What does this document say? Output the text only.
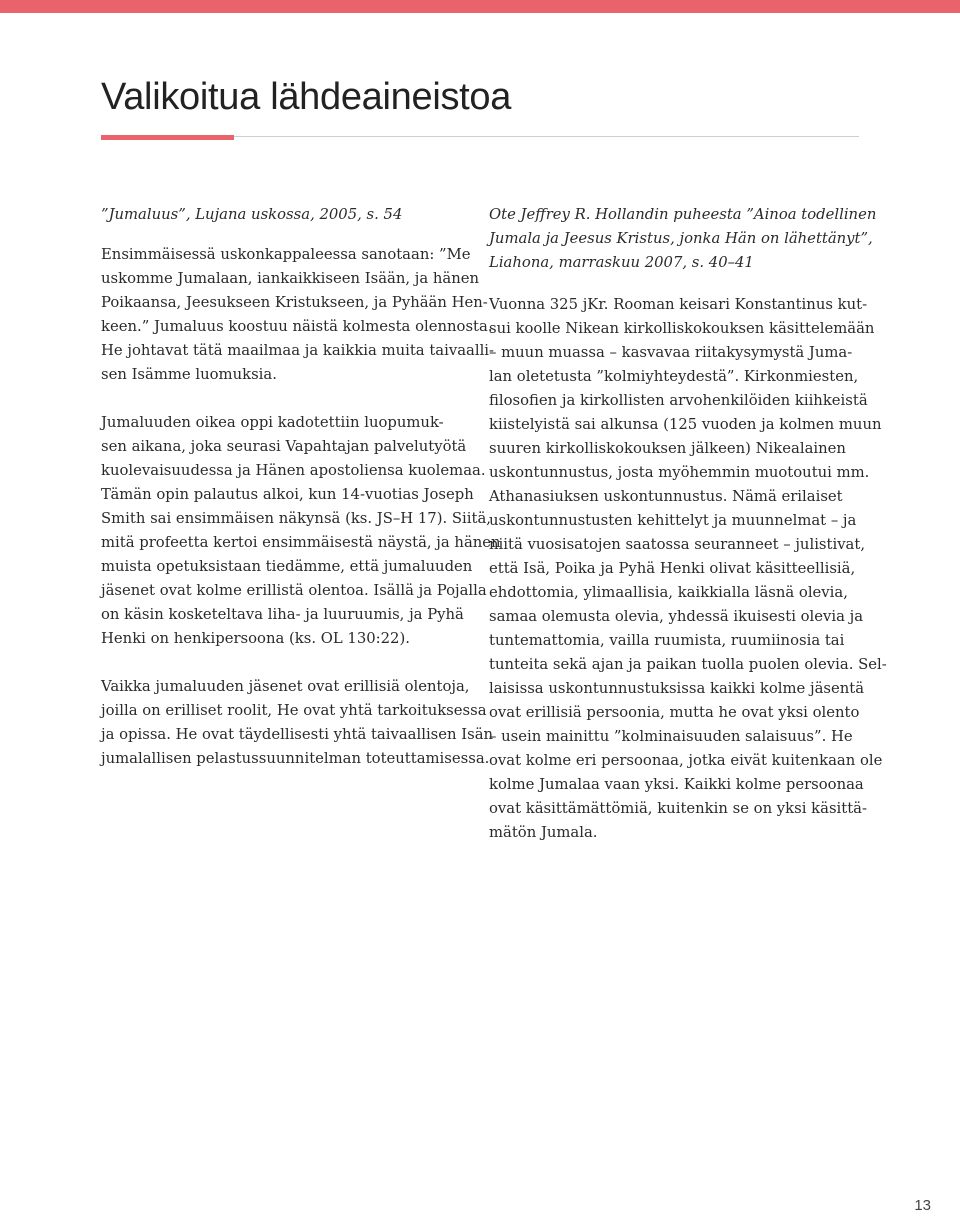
Valikoitua lähdeaineistoa

”Jumaluus”, Lujana uskossa, 2005, s. 54

Ensimmäisessä uskonkappaleessa sanotaan: ”Me
uskomme Jumalaan, iankaikkiseen Isään, ja hänen
Poikaansa, Jeesukseen Kristukseen, ja Pyhään Hen-
keen.” Jumaluus koostuu näistä kolmesta olennosta.
He johtavat tätä maailmaa ja kaikkia muita taivaalli-
sen Isämme luomuksia.

Jumaluuden oikea oppi kadotettiin luopumuk-
sen aikana, joka seurasi Vapahtajan palvelutyötä
kuolevaisuudessa ja Hänen apostoliensa kuolemaa.
Tämän opin palautus alkoi, kun 14-vuotias Joseph
Smith sai ensimmäisen näkynsä (ks. JS–H 17). Siitä,
mitä profeetta kertoi ensimmäisestä näystä, ja hänen
muista opetuksistaan tiedämme, että jumaluuden
jäsenet ovat kolme erillistä olentoa. Isällä ja Pojalla
on käsin kosketeltava liha- ja luuruumis, ja Pyhä
Henki on henkipersoona (ks. OL 130:22).

Vaikka jumaluuden jäsenet ovat erillisiä olentoja,
joilla on erilliset roolit, He ovat yhtä tarkoituksessa
ja opissa. He ovat täydellisesti yhtä taivaallisen Isän
jumalallisen pelastussuunnitelman toteuttamisessa.

Ote Jeffrey R. Hollandin puheesta ”Ainoa todellinen
Jumala ja Jeesus Kristus, jonka Hän on lähettänyt”,
Liahona, marraskuu 2007, s. 40–41

Vuonna 325 jKr. Rooman keisari Konstantinus kut-
sui koolle Nikean kirkolliskokouksen käsittelemään
– muun muassa – kasvavaa riitakysymystä Juma-
lan oletetusta ”kolmiyhteydestä”. Kirkonmiesten,
filosofien ja kirkollisten arvohenkilöiden kiihkeistä
kiistelyistä sai alkunsa (125 vuoden ja kolmen muun
suuren kirkolliskokouksen jälkeen) Nikealainen
uskontunnustus, josta myöhemmin muotoutui mm.
Athanasiuksen uskontunnustus. Nämä erilaiset
uskontunnustusten kehittelyt ja muunnelmat – ja
niitä vuosisatojen saatossa seuranneet – julistivat,
että Isä, Poika ja Pyhä Henki olivat käsitteellisiä,
ehdottomia, ylimaallisia, kaikkialla läsnä olevia,
samaa olemusta olevia, yhdessä ikuisesti olevia ja
tuntemattomia, vailla ruumista, ruumiinosia tai
tunteita sekä ajan ja paikan tuolla puolen olevia. Sel-
laisissa uskontunnustuksissa kaikki kolme jäsentä
ovat erillisiä persoonia, mutta he ovat yksi olento
– usein mainittu ”kolminaisuuden salaisuus”. He
ovat kolme eri persoonaa, jotka eivät kuitenkaan ole
kolme Jumalaa vaan yksi. Kaikki kolme persoonaa
ovat käsittämättömiä, kuitenkin se on yksi käsittä-
mätön Jumala.

13
